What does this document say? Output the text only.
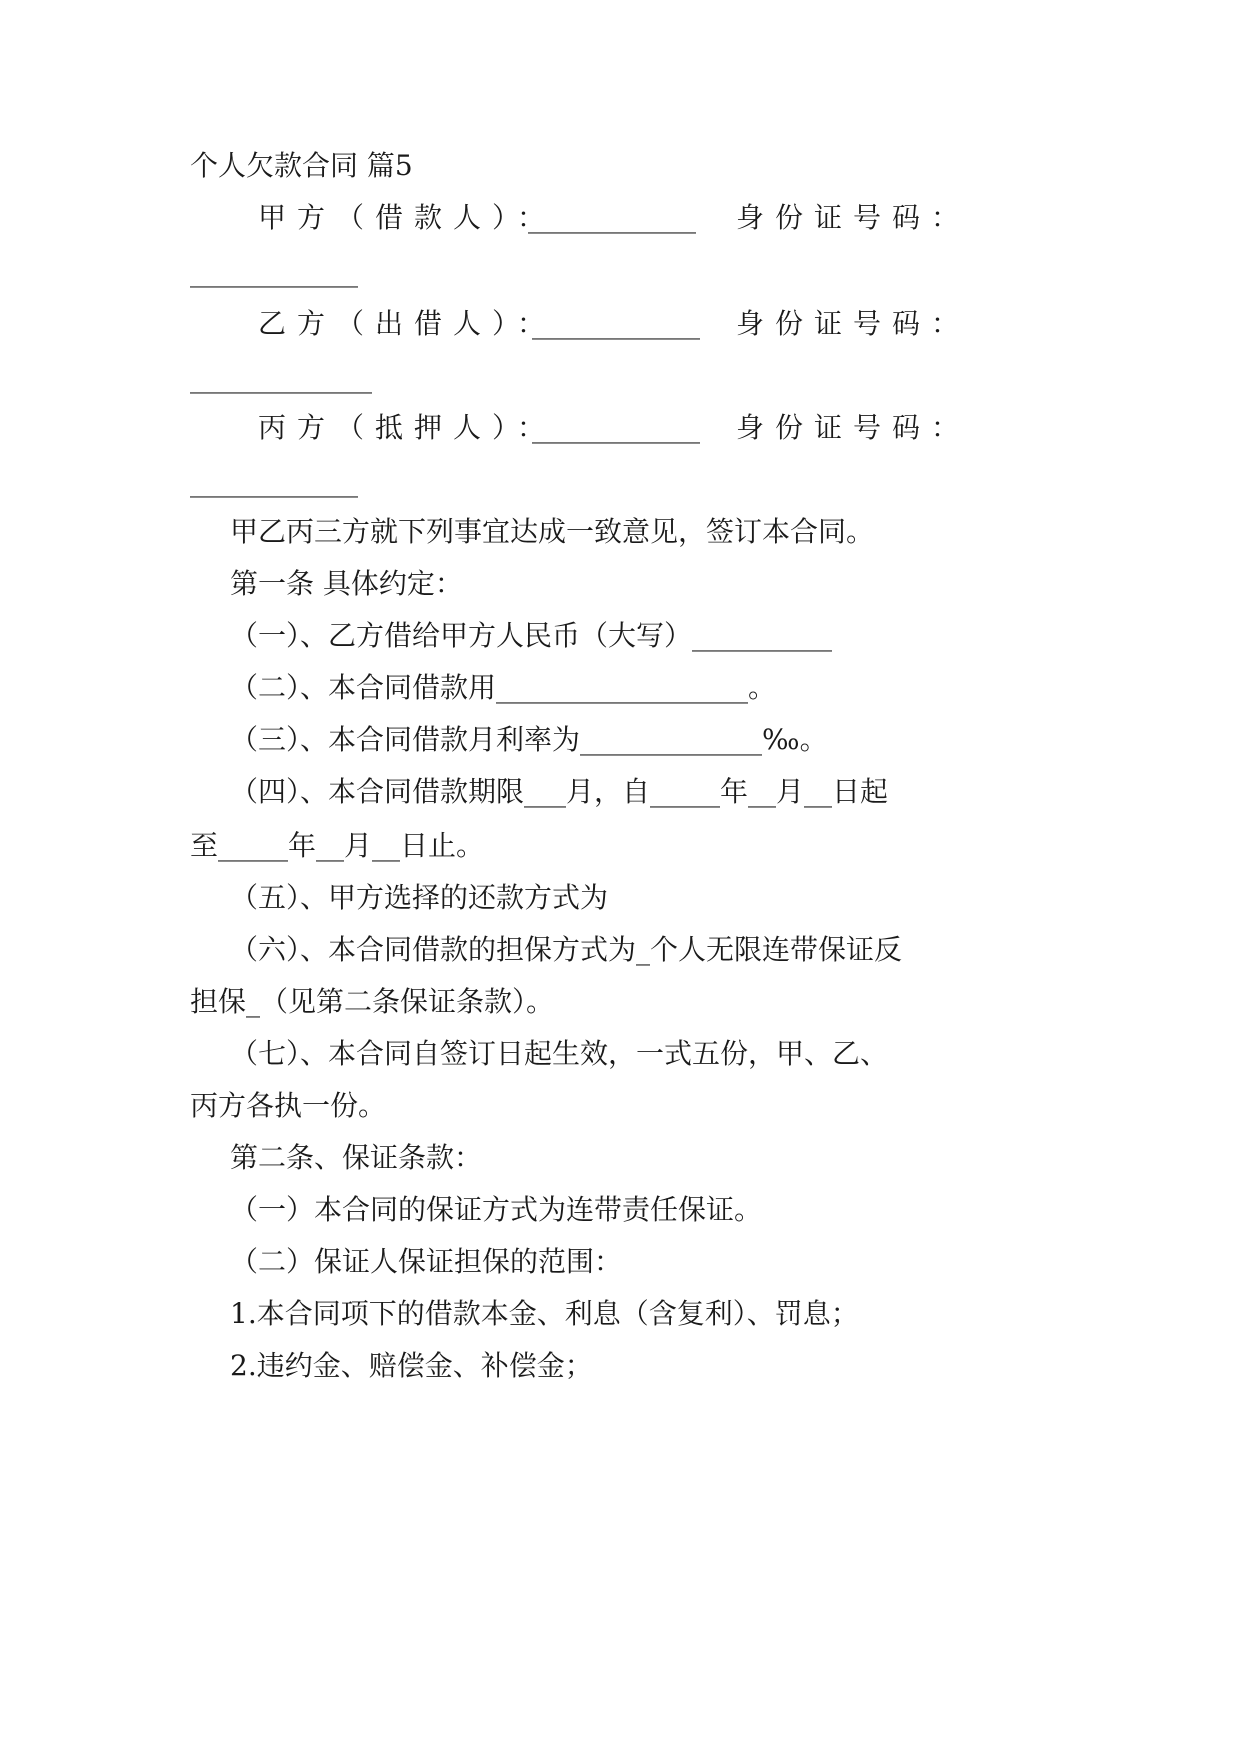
个人欠款合同 篇5
甲方（借款人）：
____________ 身份证号码：
____________
乙方（出借人）：
____________ 身份证号码：
_____________
丙方（抵押人）：
____________ 身份证号码：
____________
甲乙丙三方就下列事宜达成一致意见，签订本合同。
第一条 具体约定：
（一）、乙方借给甲方人民币（大写）__________
（二）、本合同借款用__________________。
（三）、本合同借款月利率为_____________‰。
（四）、本合同借款期限___月，自_____年__月__日起
至_____年__月__日止。
（五）、甲方选择的还款方式为
（六）、本合同借款的担保方式为_个人无限连带保证反
担保_（见第二条保证条款）。
（七）、本合同自签订日起生效，一式五份，甲、乙、
丙方各执一份。
第二条、保证条款：
（一）本合同的保证方式为连带责任保证。
（二）保证人保证担保的范围：
1.本合同项下的借款本金、利息（含复利）、罚息；
2.违约金、赔偿金、补偿金；
